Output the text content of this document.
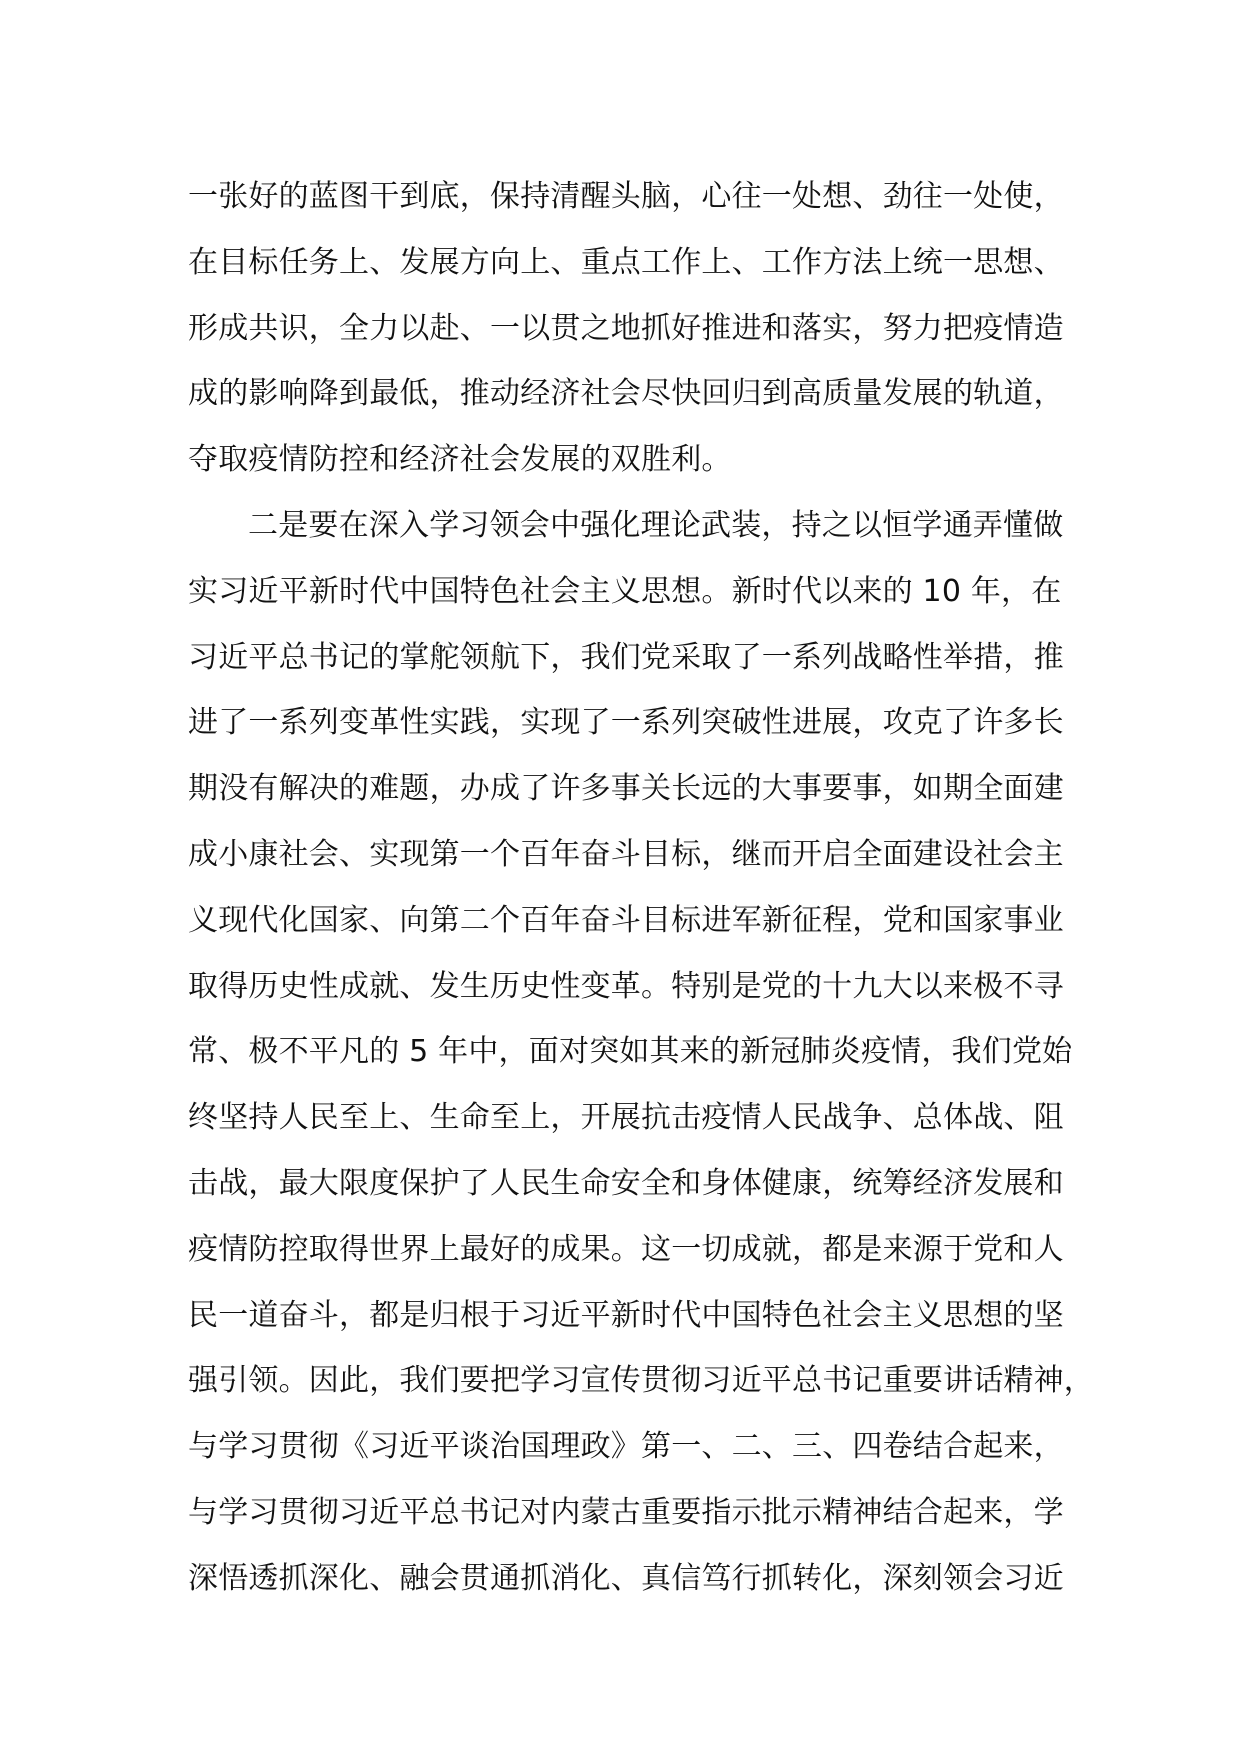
一张好的蓝图干到底，保持清醒头脑，心往一处想、劲往一处使，
在目标任务上、发展方向上、重点工作上、工作方法上统一思想、
形成共识，全力以赴、一以贯之地抓好推进和落实，努力把疫情造
成的影响降到最低，推动经济社会尽快回归到高质量发展的轨道，
夺取疫情防控和经济社会发展的双胜利。
二是要在深入学习领会中强化理论武装，持之以恒学通弄懂做
实习近平新时代中国特色社会主义思想。新时代以来的 10 年，在
习近平总书记的掌舵领航下，我们党采取了一系列战略性举措，推
进了一系列变革性实践，实现了一系列突破性进展，攻克了许多长
期没有解决的难题，办成了许多事关长远的大事要事，如期全面建
成小康社会、实现第一个百年奋斗目标，继而开启全面建设社会主
义现代化国家、向第二个百年奋斗目标进军新征程，党和国家事业
取得历史性成就、发生历史性变革。特别是党的十九大以来极不寻
常、极不平凡的 5 年中，面对突如其来的新冠肺炎疫情，我们党始
终坚持人民至上、生命至上，开展抗击疫情人民战争、总体战、阻
击战，最大限度保护了人民生命安全和身体健康，统筹经济发展和
疫情防控取得世界上最好的成果。这一切成就，都是来源于党和人
民一道奋斗，都是归根于习近平新时代中国特色社会主义思想的坚
强引领。因此，我们要把学习宣传贯彻习近平总书记重要讲话精神，
与学习贯彻《习近平谈治国理政》第一、二、三、四卷结合起来，
与学习贯彻习近平总书记对内蒙古重要指示批示精神结合起来，学
深悟透抓深化、融会贯通抓消化、真信笃行抓转化，深刻领会习近
